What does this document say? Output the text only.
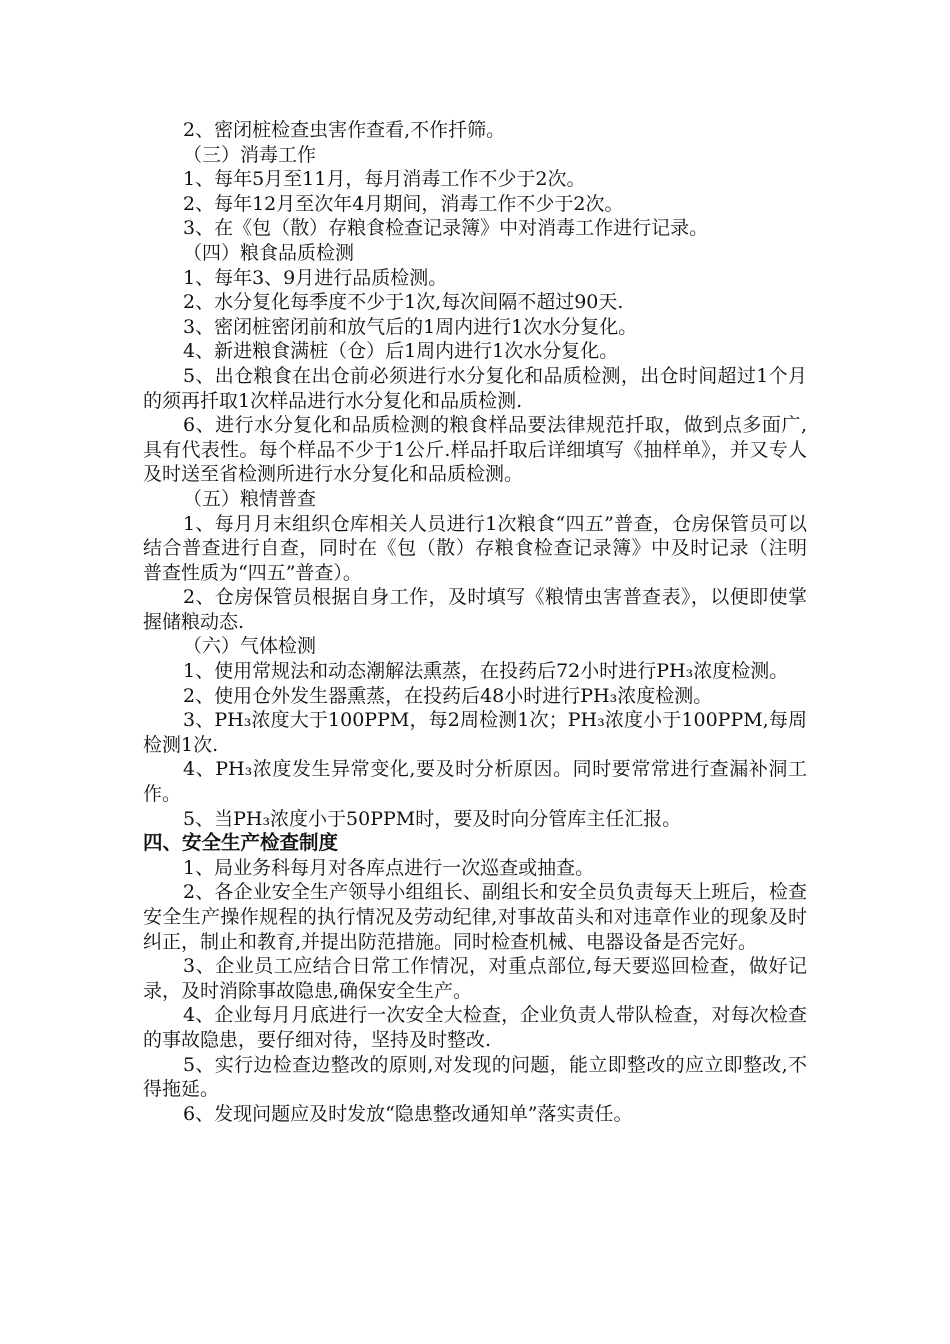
2、密闭桩检查虫害作查看,不作扦筛。

（三）消毒工作

1、每年5月至11月，每月消毒工作不少于2次。

2、每年12月至次年4月期间，消毒工作不少于2次。

3、在《包（散）存粮食检查记录簿》中对消毒工作进行记录。

（四）粮食品质检测

1、每年3、9月进行品质检测。

2、水分复化每季度不少于1次,每次间隔不超过90天.

3、密闭桩密闭前和放气后的1周内进行1次水分复化。

4、新进粮食满桩（仓）后1周内进行1次水分复化。

5、出仓粮食在出仓前必须进行水分复化和品质检测，出仓时间超过1个月的须再扦取1次样品进行水分复化和品质检测.

6、进行水分复化和品质检测的粮食样品要法律规范扦取，做到点多面广,具有代表性。每个样品不少于1公斤.样品扦取后详细填写《抽样单》，并又专人及时送至省检测所进行水分复化和品质检测。

（五）粮情普查

1、每月月末组织仓库相关人员进行1次粮食“四五”普查，仓房保管员可以结合普查进行自查，同时在《包（散）存粮食检查记录簿》中及时记录（注明普查性质为“四五”普查）。

2、仓房保管员根据自身工作，及时填写《粮情虫害普查表》，以便即使掌握储粮动态.

（六）气体检测

1、使用常规法和动态潮解法熏蒸，在投药后72小时进行PH₃浓度检测。

2、使用仓外发生器熏蒸，在投药后48小时进行PH₃浓度检测。

3、PH₃浓度大于100PPM，每2周检测1次；PH₃浓度小于100PPM,每周检测1次.

4、PH₃浓度发生异常变化,要及时分析原因。同时要常常进行查漏补洞工作。

5、当PH₃浓度小于50PPM时，要及时向分管库主任汇报。

四、安全生产检查制度

1、局业务科每月对各库点进行一次巡查或抽查。

2、各企业安全生产领导小组组长、副组长和安全员负责每天上班后，检查安全生产操作规程的执行情况及劳动纪律,对事故苗头和对违章作业的现象及时纠正，制止和教育,并提出防范措施。同时检查机械、电器设备是否完好。

3、企业员工应结合日常工作情况，对重点部位,每天要巡回检查，做好记录，及时消除事故隐患,确保安全生产。

4、企业每月月底进行一次安全大检查，企业负责人带队检查，对每次检查的事故隐患，要仔细对待，坚持及时整改.

5、实行边检查边整改的原则,对发现的问题，能立即整改的应立即整改,不得拖延。

6、发现问题应及时发放“隐患整改通知单”落实责任。
